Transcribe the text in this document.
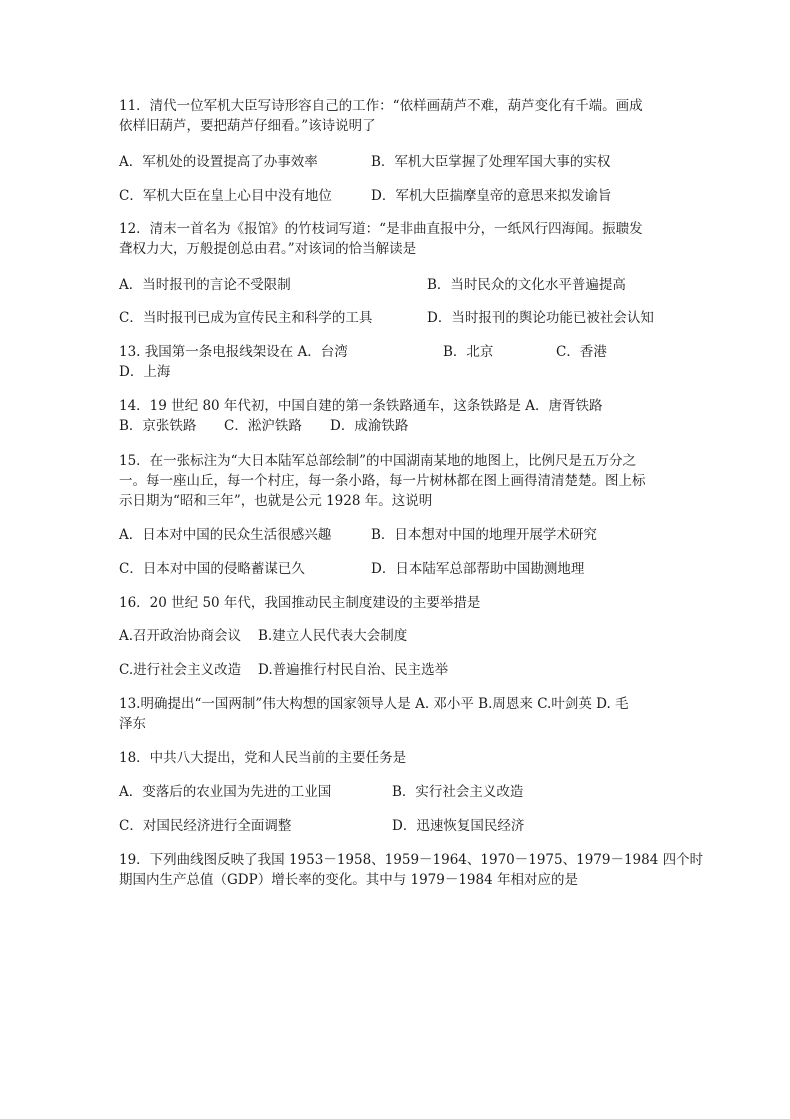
11．清代一位军机大臣写诗形容自己的工作：“依样画葫芦不难，葫芦变化有千端。画成
依样旧葫芦，要把葫芦仔细看。”该诗说明了
A．军机处的设置提高了办事效率	B．军机大臣掌握了处理军国大事的实权
C．军机大臣在皇上心目中没有地位	D．军机大臣揣摩皇帝的意思来拟发谕旨
12．清末一首名为《报馆》的竹枝词写道：“是非曲直报中分，一纸风行四海闻。振聩发
聋权力大，万般提创总由君。”对该词的恰当解读是
A．当时报刊的言论不受限制	B．当时民众的文化水平普遍提高
C．当时报刊已成为宣传民主和科学的工具	D．当时报刊的舆论功能已被社会认知
13. 我国第一条电报线架设在 A．台湾	B．北京	C．香港
D．上海
14．19 世纪 80 年代初，中国自建的第一条铁路通车，这条铁路是 A．唐胥铁路
B．京张铁路 C．淞沪铁路 D．成渝铁路
15．在一张标注为“大日本陆军总部绘制”的中国湖南某地的地图上，比例尺是五万分之
一。每一座山丘，每一个村庄，每一条小路，每一片树林都在图上画得清清楚楚。图上标
示日期为“昭和三年”，也就是公元 1928 年。这说明
A．日本对中国的民众生活很感兴趣	B．日本想对中国的地理开展学术研究
C．日本对中国的侵略蓄谋已久	D．日本陆军总部帮助中国勘测地理
16．20 世纪 50 年代，我国推动民主制度建设的主要举措是
A.召开政治协商会议 B.建立人民代表大会制度
C.进行社会主义改造 D.普遍推行村民自治、民主选举
13.明确提出“一国两制”伟大构想的国家领导人是 A. 邓小平 B.周恩来 C.叶剑英 D. 毛
泽东
18．中共八大提出，党和人民当前的主要任务是
A．变落后的农业国为先进的工业国	B．实行社会主义改造
C．对国民经济进行全面调整	D．迅速恢复国民经济
19．下列曲线图反映了我国 1953－1958、1959－1964、1970－1975、1979－1984 四个时
期国内生产总值（GDP）增长率的变化。其中与 1979－1984 年相对应的是
